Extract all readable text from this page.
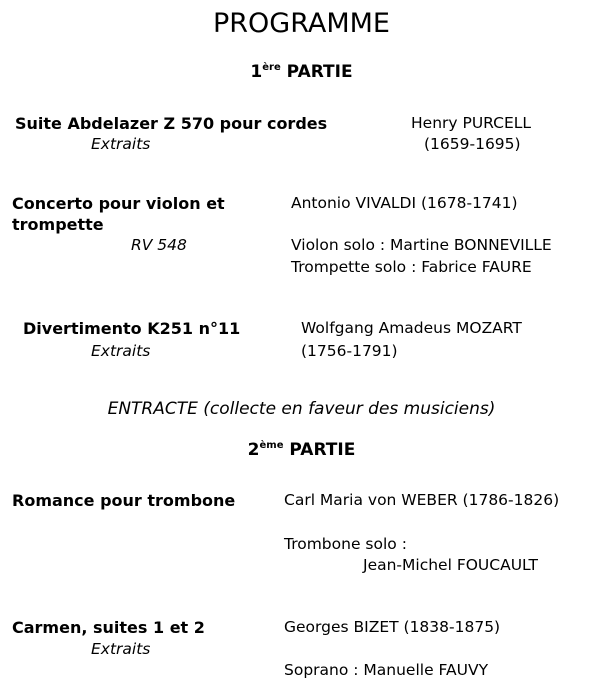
PROGRAMME
1ère PARTIE
Suite Abdelazer Z 570 pour cordes
Extraits
Henry PURCELL
(1659-1695)
Concerto pour violon et
trompette
RV 548
Antonio VIVALDI (1678-1741)
Violon solo : Martine BONNEVILLE
Trompette solo : Fabrice FAURE
Divertimento K251 n°11
Extraits
Wolfgang Amadeus MOZART
(1756-1791)
ENTRACTE (collecte en faveur des musiciens)
2ème PARTIE
Romance pour trombone	Carl Maria von WEBER (1786-1826)
Trombone solo :
Jean-Michel FOUCAULT
Carmen, suites 1 et 2
Extraits
Georges BIZET (1838-1875)
Soprano : Manuelle FAUVY
